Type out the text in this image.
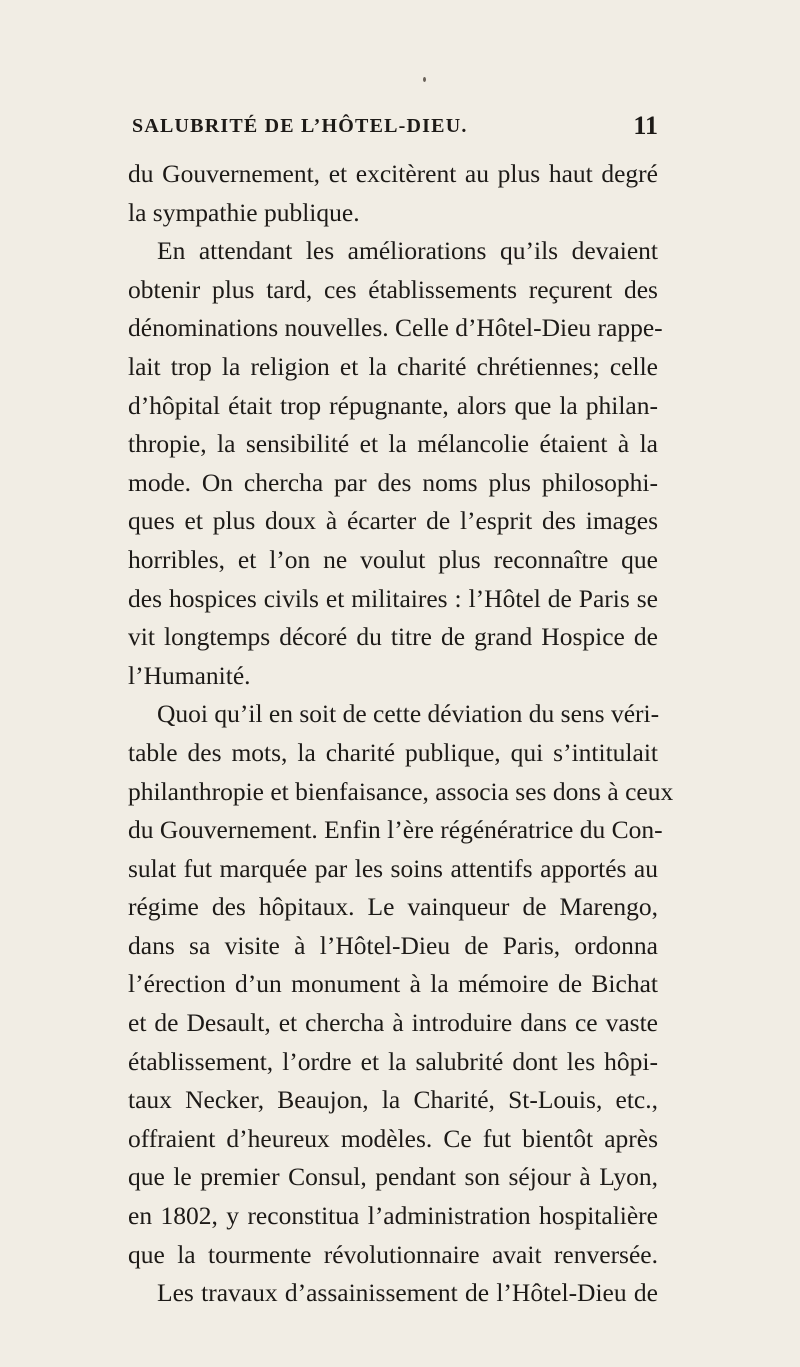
SALUBRITÉ DE L’HÔTEL-DIEU.	11
du Gouvernement, et excitèrent au plus haut degré
la sympathie publique.
En attendant les améliorations qu’ils devaient
obtenir plus tard, ces établissements reçurent des
dénominations nouvelles. Celle d’Hôtel-Dieu rappe-
lait trop la religion et la charité chrétiennes; celle
d’hôpital était trop répugnante, alors que la philan-
thropie, la sensibilité et la mélancolie étaient à la
mode. On chercha par des noms plus philosophi-
ques et plus doux à écarter de l’esprit des images
horribles, et l’on ne voulut plus reconnaître que
des hospices civils et militaires : l’Hôtel de Paris se
vit longtemps décoré du titre de grand Hospice de
l’Humanité.
Quoi qu’il en soit de cette déviation du sens véri-
table des mots, la charité publique, qui s’intitulait
philanthropie et bienfaisance, associa ses dons à ceux
du Gouvernement. Enfin l’ère régénératrice du Con-
sulat fut marquée par les soins attentifs apportés au
régime des hôpitaux. Le vainqueur de Marengo,
dans sa visite à l’Hôtel-Dieu de Paris, ordonna
l’érection d’un monument à la mémoire de Bichat
et de Desault, et chercha à introduire dans ce vaste
établissement, l’ordre et la salubrité dont les hôpi-
taux Necker, Beaujon, la Charité, St-Louis, etc.,
offraient d’heureux modèles. Ce fut bientôt après
que le premier Consul, pendant son séjour à Lyon,
en 1802, y reconstitua l’administration hospitalière
que la tourmente révolutionnaire avait renversée.
Les travaux d’assainissement de l’Hôtel-Dieu de
